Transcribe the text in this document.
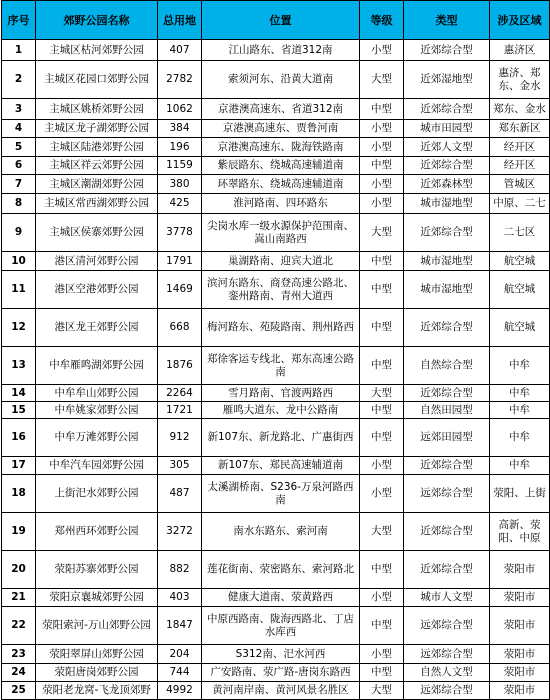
序号	郊野公园名称	总用地	位置	等级	类型	涉及区域
1	主城区枯河郊野公园	407	江山路东、省道312南	小型	近郊综合型	惠济区
2	主城区花园口郊野公园	2782	索须河东、沿黄大道南	大型	近郊湿地型	惠济、郑东、金水
3	主城区姚桥郊野公园	1062	京港澳高速东、省道312南	中型	近郊综合型	郑东、金水
4	主城区龙子湖郊野公园	384	京港澳高速东、贾鲁河南	小型	城市田园型	郑东新区
5	主城区陆港郊野公园	196	京港澳高速东、陇海铁路南	小型	近郊人文型	经开区
6	主城区祥云郊野公园	1159	紫辰路东、绕城高速辅道南	中型	近郊综合型	经开区
7	主城区潮湖郊野公园	380	环翠路东、绕城高速辅道南	小型	近郊森林型	管城区
8	主城区常西湖郊野公园	425	淮河路南、四环路东	小型	城市湿地型	中原、二七
9	主城区侯寨郊野公园	3778	尖岗水库一级水源保护范围南、嵩山南路西	大型	近郊综合型	二七区
10	港区清河郊野公园	1791	巢湖路南、迎宾大道北	中型	城市湿地型	航空城
11	港区空港郊野公园	1469	滨河东路东、商登高速公路北、銮州路南、青州大道西	中型	城市湿地型	航空城
12	港区龙王郊野公园	668	梅河路东、苑陵路南、荆州路西	中型	近郊综合型	航空城
13	中牟雁鸣湖郊野公园	1876	郑徐客运专线北、郑东高速公路南	中型	自然综合型	中牟
14	中牟牟山郊野公园	2264	雪月路南、官渡两路西	大型	近郊综合型	中牟
15	中牟姚家郊野公园	1721	雁鸣大道东、龙中公路南	中型	自然田园型	中牟
16	中牟万滩郊野公园	912	新107东、新龙路北、广惠街西	中型	远郊田园型	中牟
17	中牟汽车园郊野公园	305	新107东、郑民高速辅道南	小型	近郊综合型	中牟
18	上街汜水郊野公园	487	太溪湖桥南、S236-万泉河路西南	小型	远郊综合型	荥阳、上街
19	郑州西环郊野公园	3272	南水东路东、索河南	大型	近郊综合型	高新、荥阳、中原
20	荥阳苏寨郊野公园	882	莲花街南、荥密路东、索河路北	中型	近郊综合型	荥阳市
21	荥阳京襄城郊野公园	403	健康大道南、荥黄路西	小型	城市人文型	荥阳市
22	荥阳索河-万山郊野公园	1847	中原西路南、陇海西路北、丁店水库西	中型	远郊综合型	荥阳市
23	荥阳翠屏山郊野公园	204	S312南、汜水河西	小型	远郊综合型	荥阳市
24	荥阳唐岗郊野公园	744	广安路南、荥广路-唐岗东路西	中型	自然人文型	荥阳市
25	荥阳老龙窝-飞龙顶郊野	4992	黄河南岸南、黄河风景名胜区	大型	远郊综合型	荥阳市
